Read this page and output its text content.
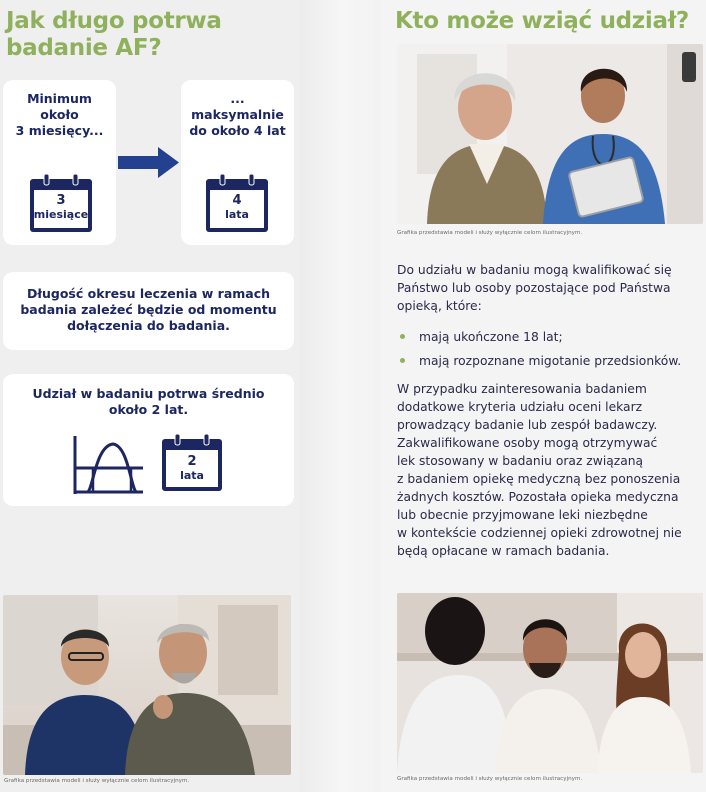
Jak długo potrwa
badanie AF?
Minimum
około
3 miesięcy...
3
miesiące
...
maksymalnie
do około 4 lat
4
lata
Długość okresu leczenia w ramach
badania zależeć będzie od momentu
dołączenia do badania.
Udział w badaniu potrwa średnio
około 2 lat.
2
lata
Grafika przedstawia modeli i służy wyłącznie celom ilustracyjnym.
Kto może wziąć udział?
Grafika przedstawia modeli i służy wyłącznie celom ilustracyjnym.

Do udziału w badaniu mogą kwalifikować się

Państwo lub osoby pozostające pod Państwa

opieką, które:

mają ukończone 18 lat;
mają rozpoznane migotanie przedsionków.

W przypadku zainteresowania badaniem

dodatkowe kryteria udziału oceni lekarz

prowadzący badanie lub zespół badawczy.

Zakwalifikowane osoby mogą otrzymywać

lek stosowany w badaniu oraz związaną

z badaniem opiekę medyczną bez ponoszenia

żadnych kosztów. Pozostała opieka medyczna

lub obecnie przyjmowane leki niezbędne

w kontekście codziennej opieki zdrowotnej nie

będą opłacane w ramach badania.

Grafika przedstawia modeli i służy wyłącznie celom ilustracyjnym.
